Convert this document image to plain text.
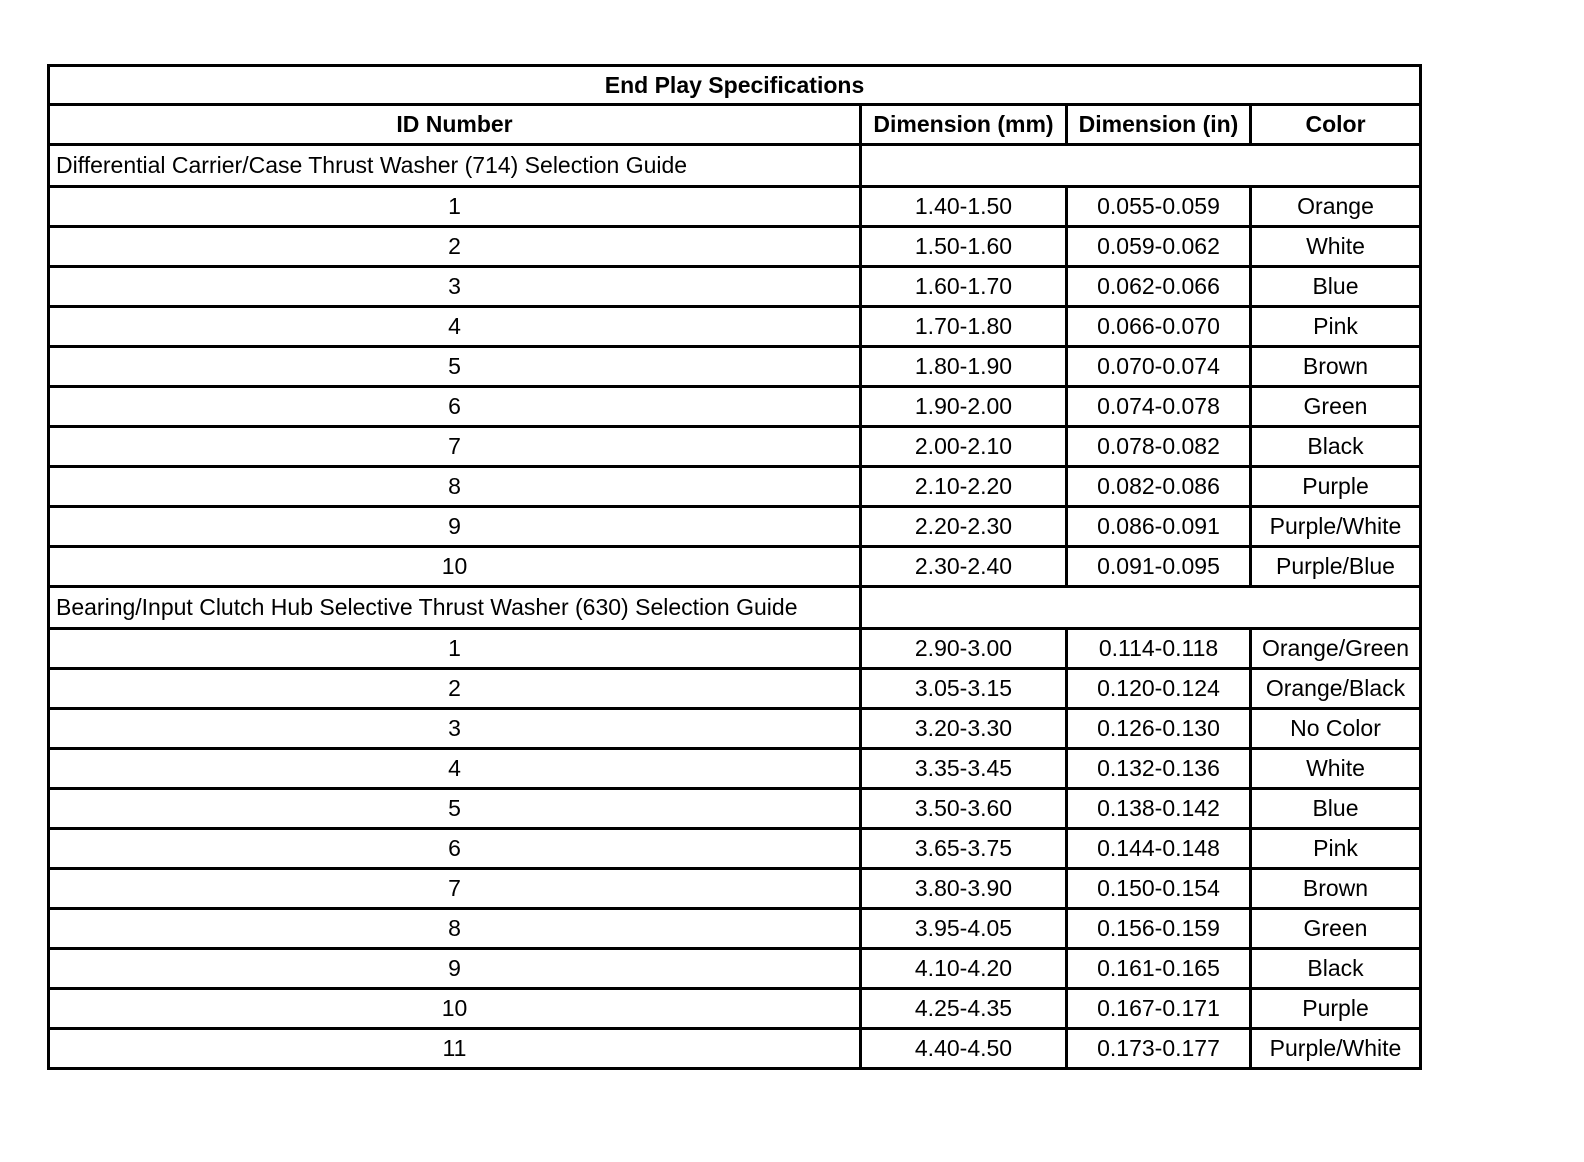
End Play Specifications			
ID Number	Dimension (mm)	Dimension (in)	Color
Differential Carrier/Case Thrust Washer (714) Selection Guide			
1	1.40-1.50	0.055-0.059	Orange
2	1.50-1.60	0.059-0.062	White
3	1.60-1.70	0.062-0.066	Blue
4	1.70-1.80	0.066-0.070	Pink
5	1.80-1.90	0.070-0.074	Brown
6	1.90-2.00	0.074-0.078	Green
7	2.00-2.10	0.078-0.082	Black
8	2.10-2.20	0.082-0.086	Purple
9	2.20-2.30	0.086-0.091	Purple/White
10	2.30-2.40	0.091-0.095	Purple/Blue
Bearing/Input Clutch Hub Selective Thrust Washer (630) Selection Guide			
1	2.90-3.00	0.114-0.118	Orange/Green
2	3.05-3.15	0.120-0.124	Orange/Black
3	3.20-3.30	0.126-0.130	No Color
4	3.35-3.45	0.132-0.136	White
5	3.50-3.60	0.138-0.142	Blue
6	3.65-3.75	0.144-0.148	Pink
7	3.80-3.90	0.150-0.154	Brown
8	3.95-4.05	0.156-0.159	Green
9	4.10-4.20	0.161-0.165	Black
10	4.25-4.35	0.167-0.171	Purple
11	4.40-4.50	0.173-0.177	Purple/White
